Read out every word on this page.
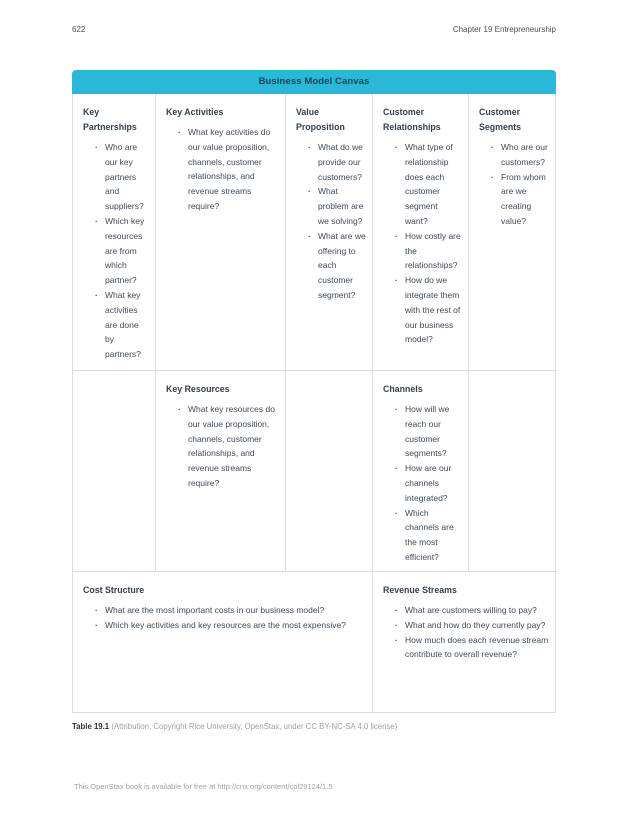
622	Chapter 19 Entrepreneurship
Business Model Canvas
Key Partnerships
· Who are our key partners and suppliers?
· Which key resources are from which partner?
· What key activities are done by partners?
Key Activities
· What key activities do our value proposition, channels, customer relationships, and revenue streams require?
Value Proposition
· What do we provide our customers?
· What problem are we solving?
· What are we offering to each customer segment?
Customer Relationships
· What type of relationship does each customer segment want?
· How costly are the relationships?
· How do we integrate them with the rest of our business model?
Customer Segments
· Who are our customers?
· From whom are we creating value?
Key Resources
· What key resources do our value proposition, channels, customer relationships, and revenue streams require?
Channels
· How will we reach our customer segments?
· How are our channels integrated?
· Which channels are the most efficient?
Cost Structure
· What are the most important costs in our business model?
· Which key activities and key resources are the most expensive?
Revenue Streams
· What are customers willing to pay?
· What and how do they currently pay?
· How much does each revenue stream contribute to overall revenue?
Table 19.1 (Attribution: Copyright Rice University, OpenStax, under CC BY-NC-SA 4.0 license)
This OpenStax book is available for free at http://cnx.org/content/col29124/1.5
